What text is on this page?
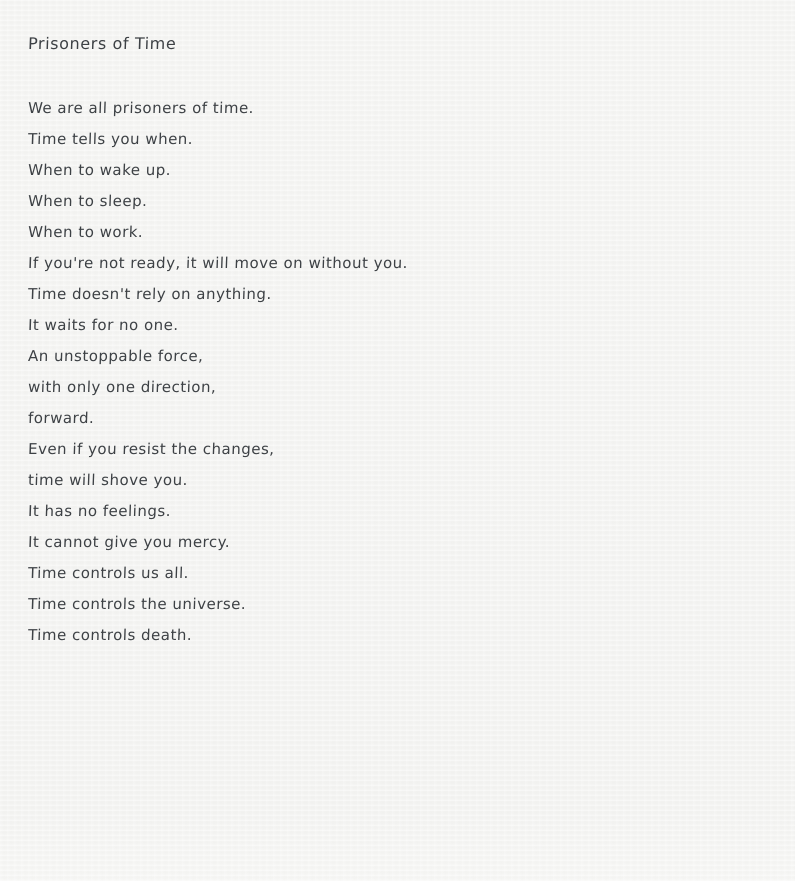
Prisoners of Time
We are all prisoners of time.
Time tells you when.
When to wake up.
When to sleep.
When to work.
If you're not ready, it will move on without you.
Time doesn't rely on anything.
It waits for no one.
An unstoppable force,
with only one direction,
forward.
Even if you resist the changes,
time will shove you.
It has no feelings.
It cannot give you mercy.
Time controls us all.
Time controls the universe.
Time controls death.
